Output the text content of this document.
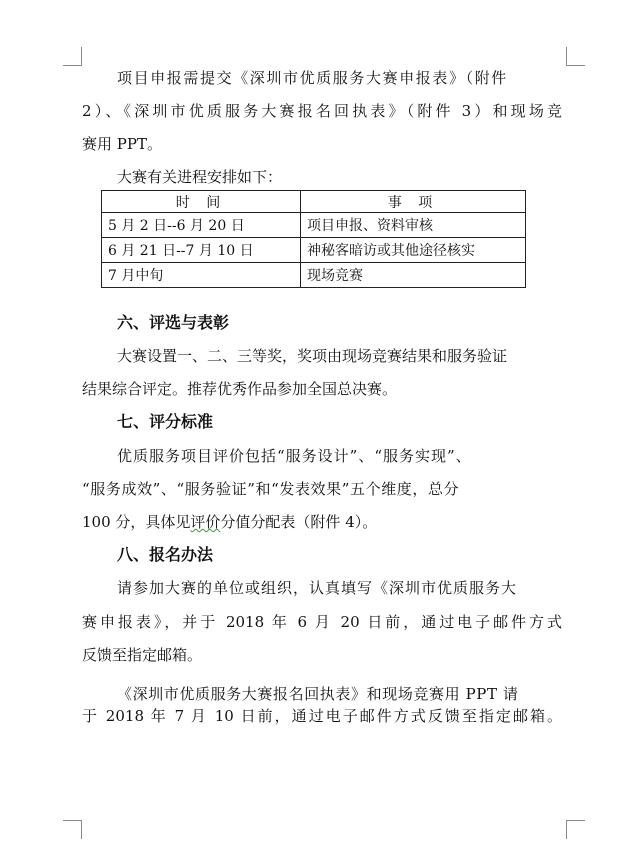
项目申报需提交《深圳市优质服务大赛申报表》（附件
2）、《深圳市优质服务大赛报名回执表》（附件 3）和现场竞
赛用 PPT。
大赛有关进程安排如下：
时 间	事 项
5 月 2 日--6 月 20 日	项目申报、资料审核
6 月 21 日--7 月 10 日	神秘客暗访或其他途径核实
7 月中旬	现场竞赛
六、评选与表彰
大赛设置一、二、三等奖，奖项由现场竞赛结果和服务验证
结果综合评定。推荐优秀作品参加全国总决赛。
七、评分标准
优质服务项目评价包括“服务设计”、“服务实现”、
“服务成效”、“服务验证”和“发表效果”五个维度，总分
100 分，具体见评价分值分配表（附件 4）。
八、报名办法
请参加大赛的单位或组织，认真填写《深圳市优质服务大
赛申报表》，并于 2018 年 6 月 20 日前，通过电子邮件方式
反馈至指定邮箱。
《深圳市优质服务大赛报名回执表》和现场竞赛用 PPT 请
于 2018 年 7 月 10 日前，通过电子邮件方式反馈至指定邮箱。
